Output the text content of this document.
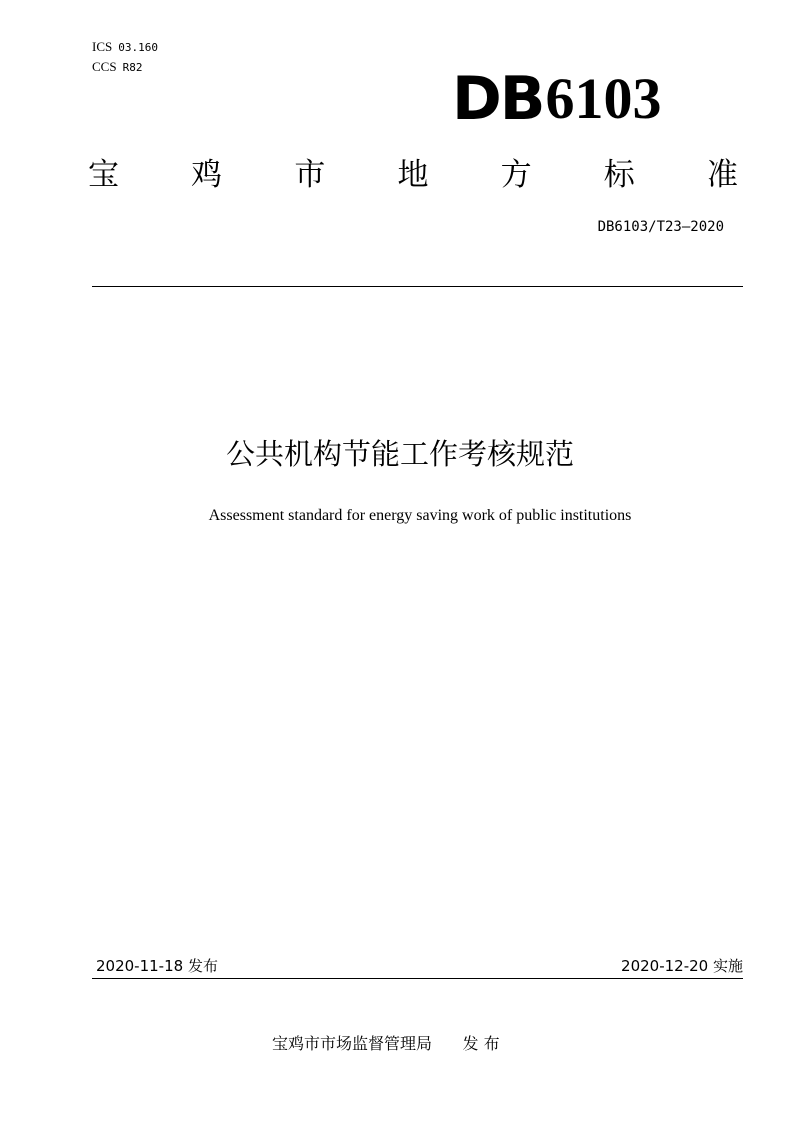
ICS 03.160
CCS R82	DB 6103
宝 鸡 市 地 方 标 准
DB6103/T23—2020
公共机构节能工作考核规范
Assessment standard for energy saving work of public institutions
2020-11-18 发布	2020-12-20 实施
宝鸡市市场监督管理局 发 布
